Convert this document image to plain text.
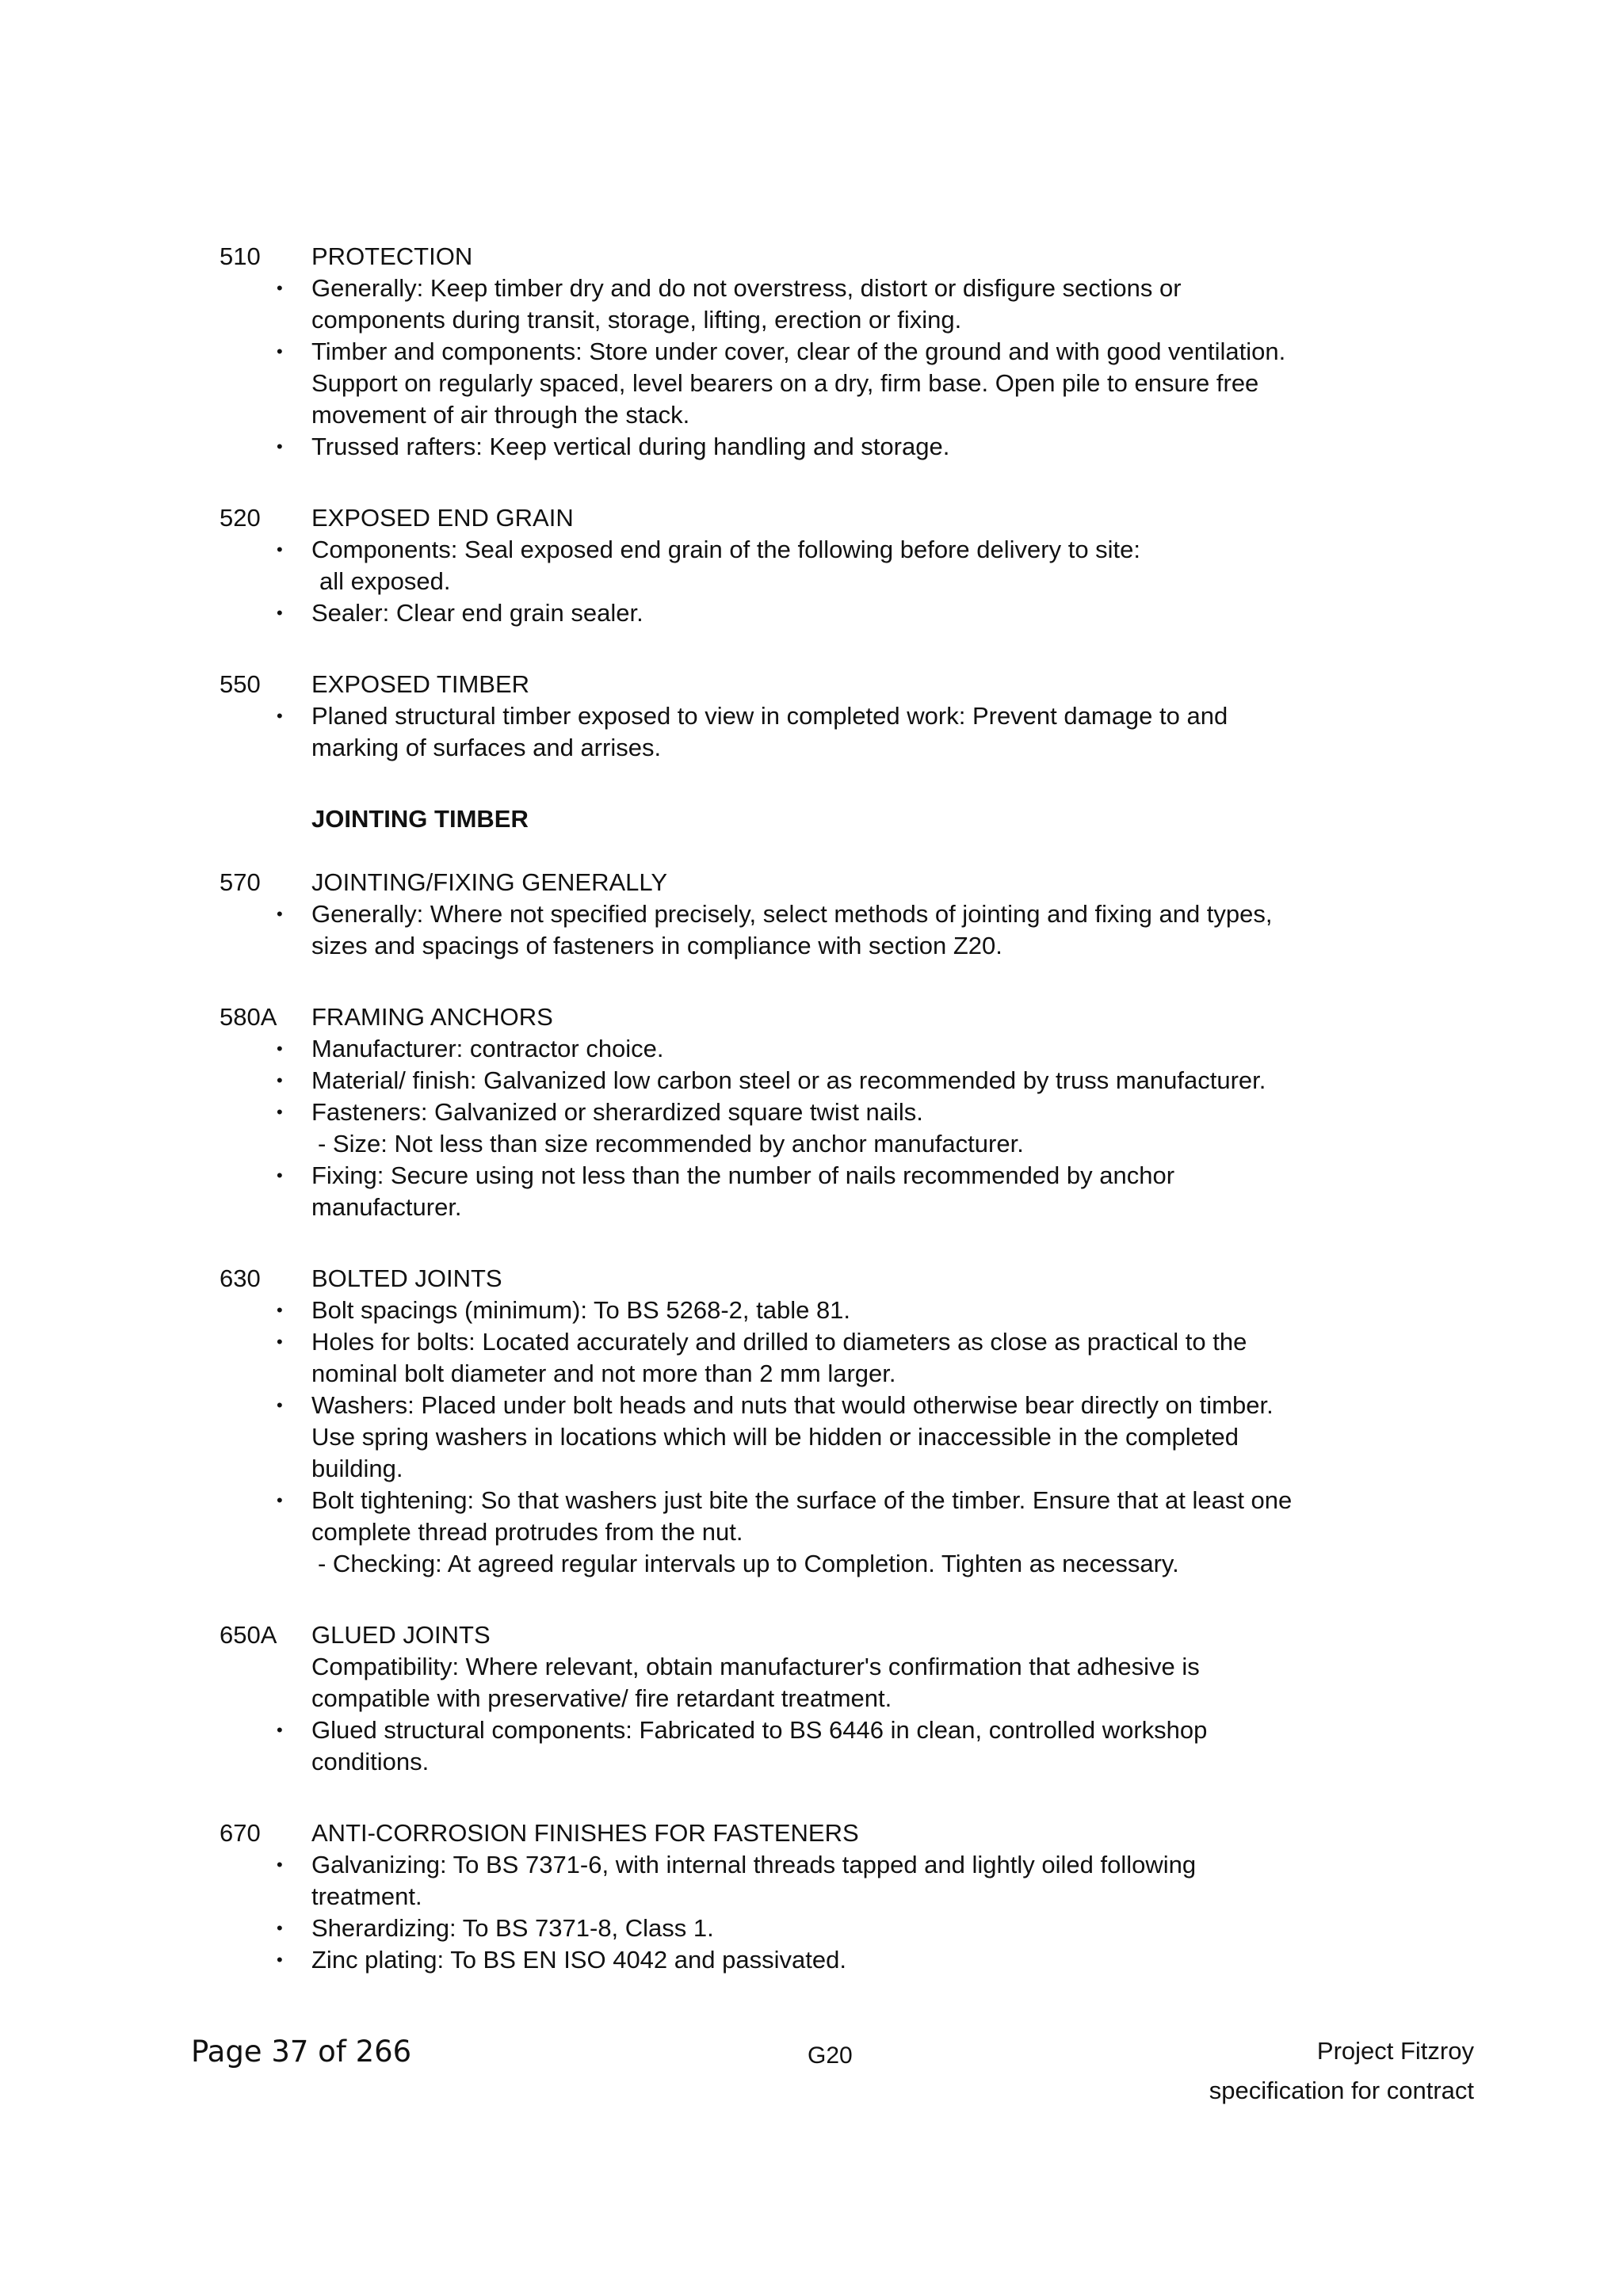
510 PROTECTION
• Generally: Keep timber dry and do not overstress, distort or disfigure sections or
components during transit, storage, lifting, erection or fixing.
• Timber and components: Store under cover, clear of the ground and with good ventilation.
Support on regularly spaced, level bearers on a dry, firm base. Open pile to ensure free
movement of air through the stack.
• Trussed rafters: Keep vertical during handling and storage.
520 EXPOSED END GRAIN
• Components: Seal exposed end grain of the following before delivery to site:
all exposed.
• Sealer: Clear end grain sealer.
550 EXPOSED TIMBER
• Planed structural timber exposed to view in completed work: Prevent damage to and
marking of surfaces and arrises.
JOINTING TIMBER
570 JOINTING/FIXING GENERALLY
• Generally: Where not specified precisely, select methods of jointing and fixing and types,
sizes and spacings of fasteners in compliance with section Z20.
580A FRAMING ANCHORS
• Manufacturer: contractor choice.
• Material/ finish: Galvanized low carbon steel or as recommended by truss manufacturer.
• Fasteners: Galvanized or sherardized square twist nails.
- Size: Not less than size recommended by anchor manufacturer.
• Fixing: Secure using not less than the number of nails recommended by anchor
manufacturer.
630 BOLTED JOINTS
• Bolt spacings (minimum): To BS 5268-2, table 81.
• Holes for bolts: Located accurately and drilled to diameters as close as practical to the
nominal bolt diameter and not more than 2 mm larger.
• Washers: Placed under bolt heads and nuts that would otherwise bear directly on timber.
Use spring washers in locations which will be hidden or inaccessible in the completed
building.
• Bolt tightening: So that washers just bite the surface of the timber. Ensure that at least one
complete thread protrudes from the nut.
- Checking: At agreed regular intervals up to Completion. Tighten as necessary.
650A GLUED JOINTS
Compatibility: Where relevant, obtain manufacturer's confirmation that adhesive is
compatible with preservative/ fire retardant treatment.
• Glued structural components: Fabricated to BS 6446 in clean, controlled workshop
conditions.
670 ANTI-CORROSION FINISHES FOR FASTENERS
• Galvanizing: To BS 7371-6, with internal threads tapped and lightly oiled following
treatment.
• Sherardizing: To BS 7371-8, Class 1.
• Zinc plating: To BS EN ISO 4042 and passivated.
Page 37 of 266	G20	Project Fitzroy
specification for contract
